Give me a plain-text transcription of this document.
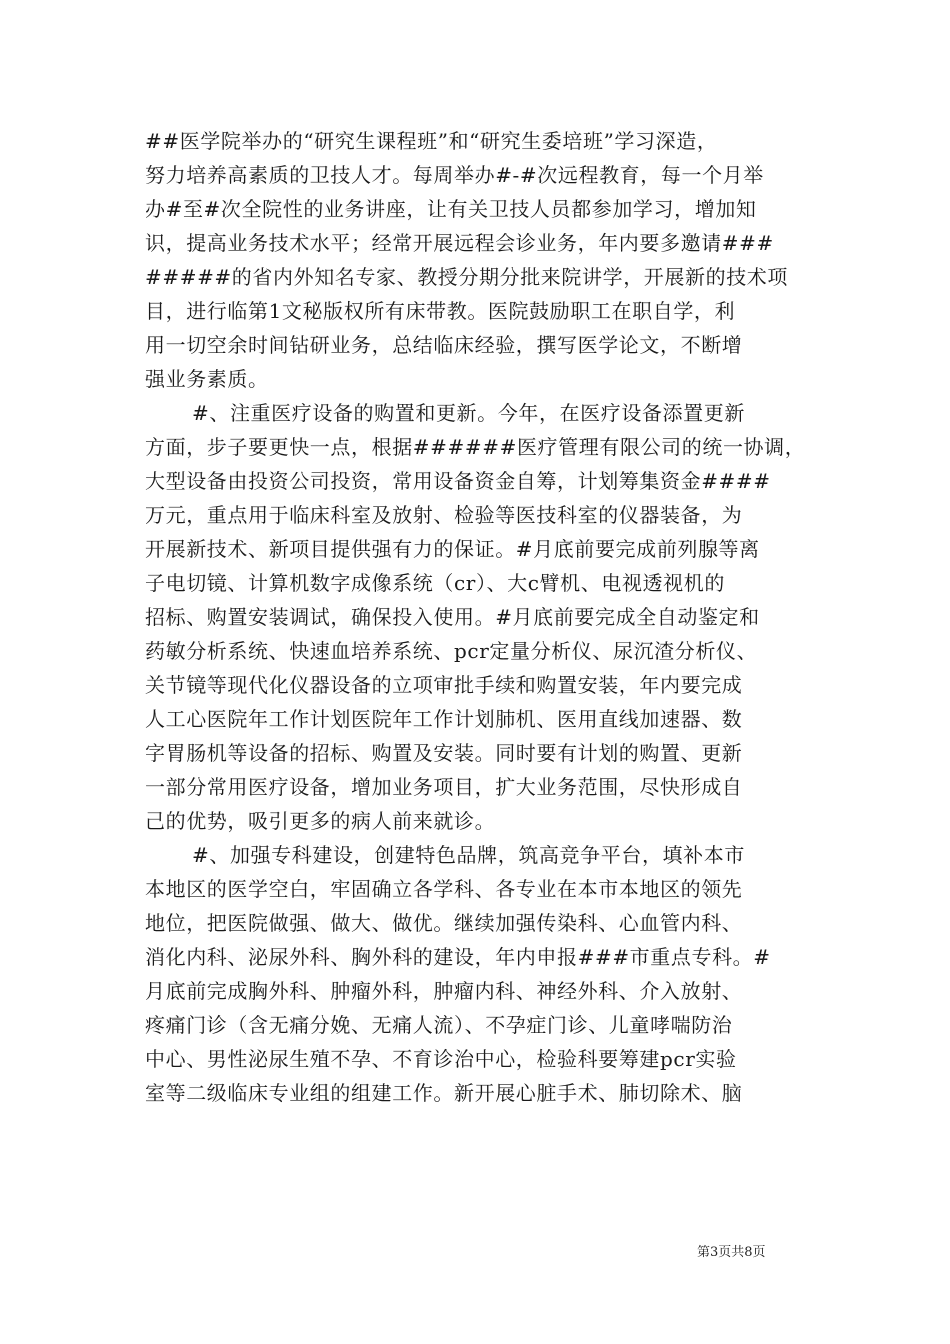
##医学院举办的“研究生课程班”和“研究生委培班”学习深造，
努力培养高素质的卫技人才。每周举办#-#次远程教育，每一个月举
办#至#次全院性的业务讲座，让有关卫技人员都参加学习，增加知
识，提高业务技术水平；经常开展远程会诊业务，年内要多邀请###
#####的省内外知名专家、教授分期分批来院讲学，开展新的技术项
目，进行临第1文秘版权所有床带教。医院鼓励职工在职自学，利
用一切空余时间钻研业务，总结临床经验，撰写医学论文，不断增
强业务素质。
#、注重医疗设备的购置和更新。今年，在医疗设备添置更新
方面，步子要更快一点，根据######医疗管理有限公司的统一协调，
大型设备由投资公司投资，常用设备资金自筹，计划筹集资金####
万元，重点用于临床科室及放射、检验等医技科室的仪器装备，为
开展新技术、新项目提供强有力的保证。#月底前要完成前列腺等离
子电切镜、计算机数字成像系统（cr）、大c臂机、电视透视机的
招标、购置安装调试，确保投入使用。#月底前要完成全自动鉴定和
药敏分析系统、快速血培养系统、pcr定量分析仪、尿沉渣分析仪、
关节镜等现代化仪器设备的立项审批手续和购置安装，年内要完成
人工心医院年工作计划医院年工作计划肺机、医用直线加速器、数
字胃肠机等设备的招标、购置及安装。同时要有计划的购置、更新
一部分常用医疗设备，增加业务项目，扩大业务范围，尽快形成自
己的优势，吸引更多的病人前来就诊。
#、加强专科建设，创建特色品牌，筑高竞争平台，填补本市
本地区的医学空白，牢固确立各学科、各专业在本市本地区的领先
地位，把医院做强、做大、做优。继续加强传染科、心血管内科、
消化内科、泌尿外科、胸外科的建设，年内申报###市重点专科。#
月底前完成胸外科、肿瘤外科，肿瘤内科、神经外科、介入放射、
疼痛门诊（含无痛分娩、无痛人流）、不孕症门诊、儿童哮喘防治
中心、男性泌尿生殖不孕、不育诊治中心，检验科要筹建pcr实验
室等二级临床专业组的组建工作。新开展心脏手术、肺切除术、脑
第3页共8页
